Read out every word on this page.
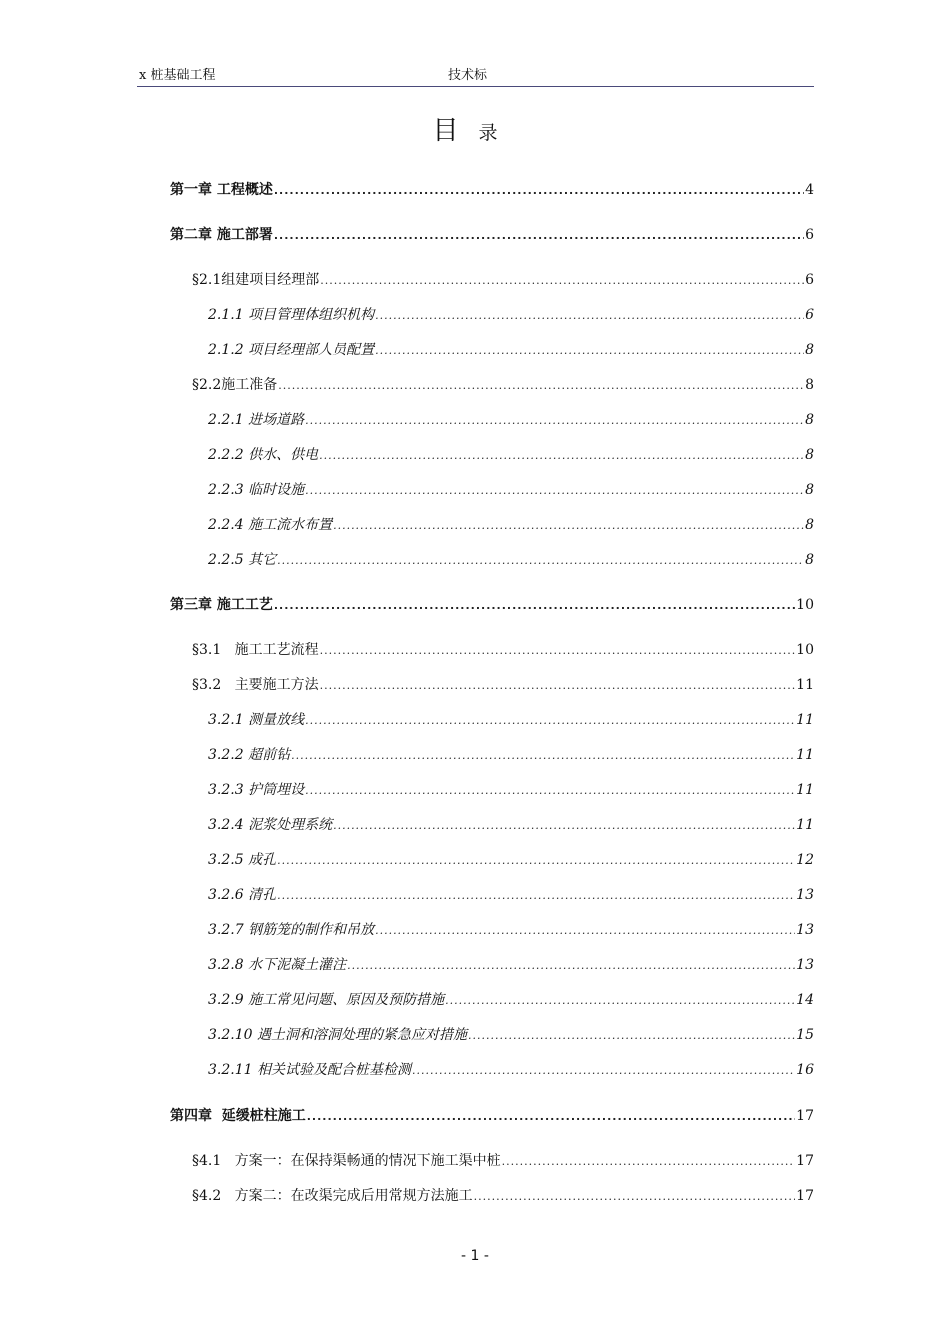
x 桩基础工程	技术标
目录
第一章 工程概述 .....	4
第二章 施工部署 .....	6
§2.1组建项目经理部 .....	6
2.1.1 项目管理体组织机构 .....	6
2.1.2 项目经理部人员配置 .....	8
§2.2施工准备 .....	8
2.2.1 进场道路 .....	8
2.2.2 供水、供电 .....	8
2.2.3 临时设施 .....	8
2.2.4 施工流水布置 .....	8
2.2.5 其它 .....	8
第三章 施工工艺 .....	10
§3.1   施工工艺流程 .....	10
§3.2   主要施工方法 .....	11
3.2.1 测量放线 .....	11
3.2.2 超前钻 .....	11
3.2.3 护筒埋设 .....	11
3.2.4 泥浆处理系统 .....	11
3.2.5 成孔 .....	12
3.2.6 清孔 .....	13
3.2.7 钢筋笼的制作和吊放 .....	13
3.2.8 水下泥凝土灌注 .....	13
3.2.9 施工常见问题、原因及预防措施 .....	14
3.2.10 遇土洞和溶洞处理的紧急应对措施 .....	15
3.2.11 相关试验及配合桩基检测 .....	16
第四章  延缓桩柱施工 .....	17
§4.1   方案一：在保持渠畅通的情况下施工渠中桩 .....	17
§4.2   方案二：在改渠完成后用常规方法施工 .....	17
- 1 -
